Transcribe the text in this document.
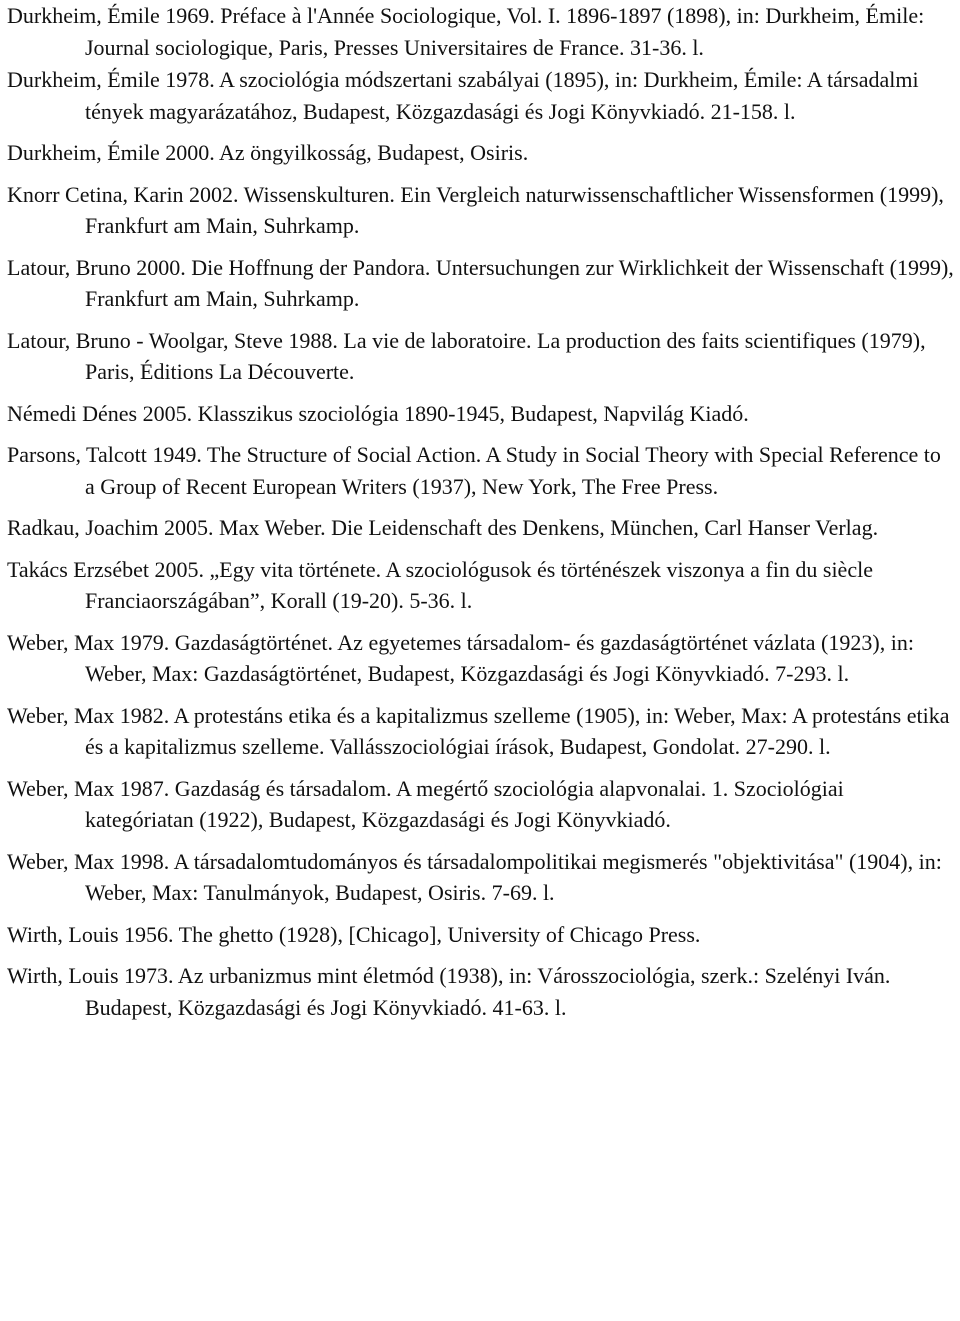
Durkheim, Émile 1969. Préface à l'Année Sociologique, Vol. I. 1896-1897 (1898), in: Durkheim, Émile: Journal sociologique, Paris, Presses Universitaires de France. 31-36. l.

Durkheim, Émile 1978. A szociológia módszertani szabályai (1895), in: Durkheim, Émile: A társadalmi tények magyarázatához, Budapest, Közgazdasági és Jogi Könyvkiadó. 21-158. l.

Durkheim, Émile 2000. Az öngyilkosság, Budapest, Osiris.

Knorr Cetina, Karin 2002. Wissenskulturen. Ein Vergleich naturwissenschaftlicher Wissensformen (1999), Frankfurt am Main, Suhrkamp.

Latour, Bruno 2000. Die Hoffnung der Pandora. Untersuchungen zur Wirklichkeit der Wissenschaft (1999), Frankfurt am Main, Suhrkamp.

Latour, Bruno - Woolgar, Steve 1988. La vie de laboratoire. La production des faits scientifiques (1979), Paris, Éditions La Découverte.

Némedi Dénes 2005. Klasszikus szociológia 1890-1945, Budapest, Napvilág Kiadó.

Parsons, Talcott 1949. The Structure of Social Action. A Study in Social Theory with Special Reference to a Group of Recent European Writers (1937), New York, The Free Press.

Radkau, Joachim 2005. Max Weber. Die Leidenschaft des Denkens, München, Carl Hanser Verlag.

Takács Erzsébet 2005. „Egy vita története. A szociológusok és történészek viszonya a fin du siècle Franciaországában”, Korall (19-20). 5-36. l.

Weber, Max 1979. Gazdaságtörténet. Az egyetemes társadalom- és gazdaságtörténet vázlata (1923), in: Weber, Max: Gazdaságtörténet, Budapest, Közgazdasági és Jogi Könyvkiadó. 7-293. l.

Weber, Max 1982. A protestáns etika és a kapitalizmus szelleme (1905), in: Weber, Max: A protestáns etika és a kapitalizmus szelleme. Vallásszociológiai írások, Budapest, Gondolat. 27-290. l.

Weber, Max 1987. Gazdaság és társadalom. A megértő szociológia alapvonalai. 1. Szociológiai kategóriatan (1922), Budapest, Közgazdasági és Jogi Könyvkiadó.

Weber, Max 1998. A társadalomtudományos és társadalompolitikai megismerés "objektivitása" (1904), in: Weber, Max: Tanulmányok, Budapest, Osiris. 7-69. l.

Wirth, Louis 1956. The ghetto (1928), [Chicago], University of Chicago Press.

Wirth, Louis 1973. Az urbanizmus mint életmód (1938), in: Városszociológia, szerk.: Szelényi Iván. Budapest, Közgazdasági és Jogi Könyvkiadó. 41-63. l.
